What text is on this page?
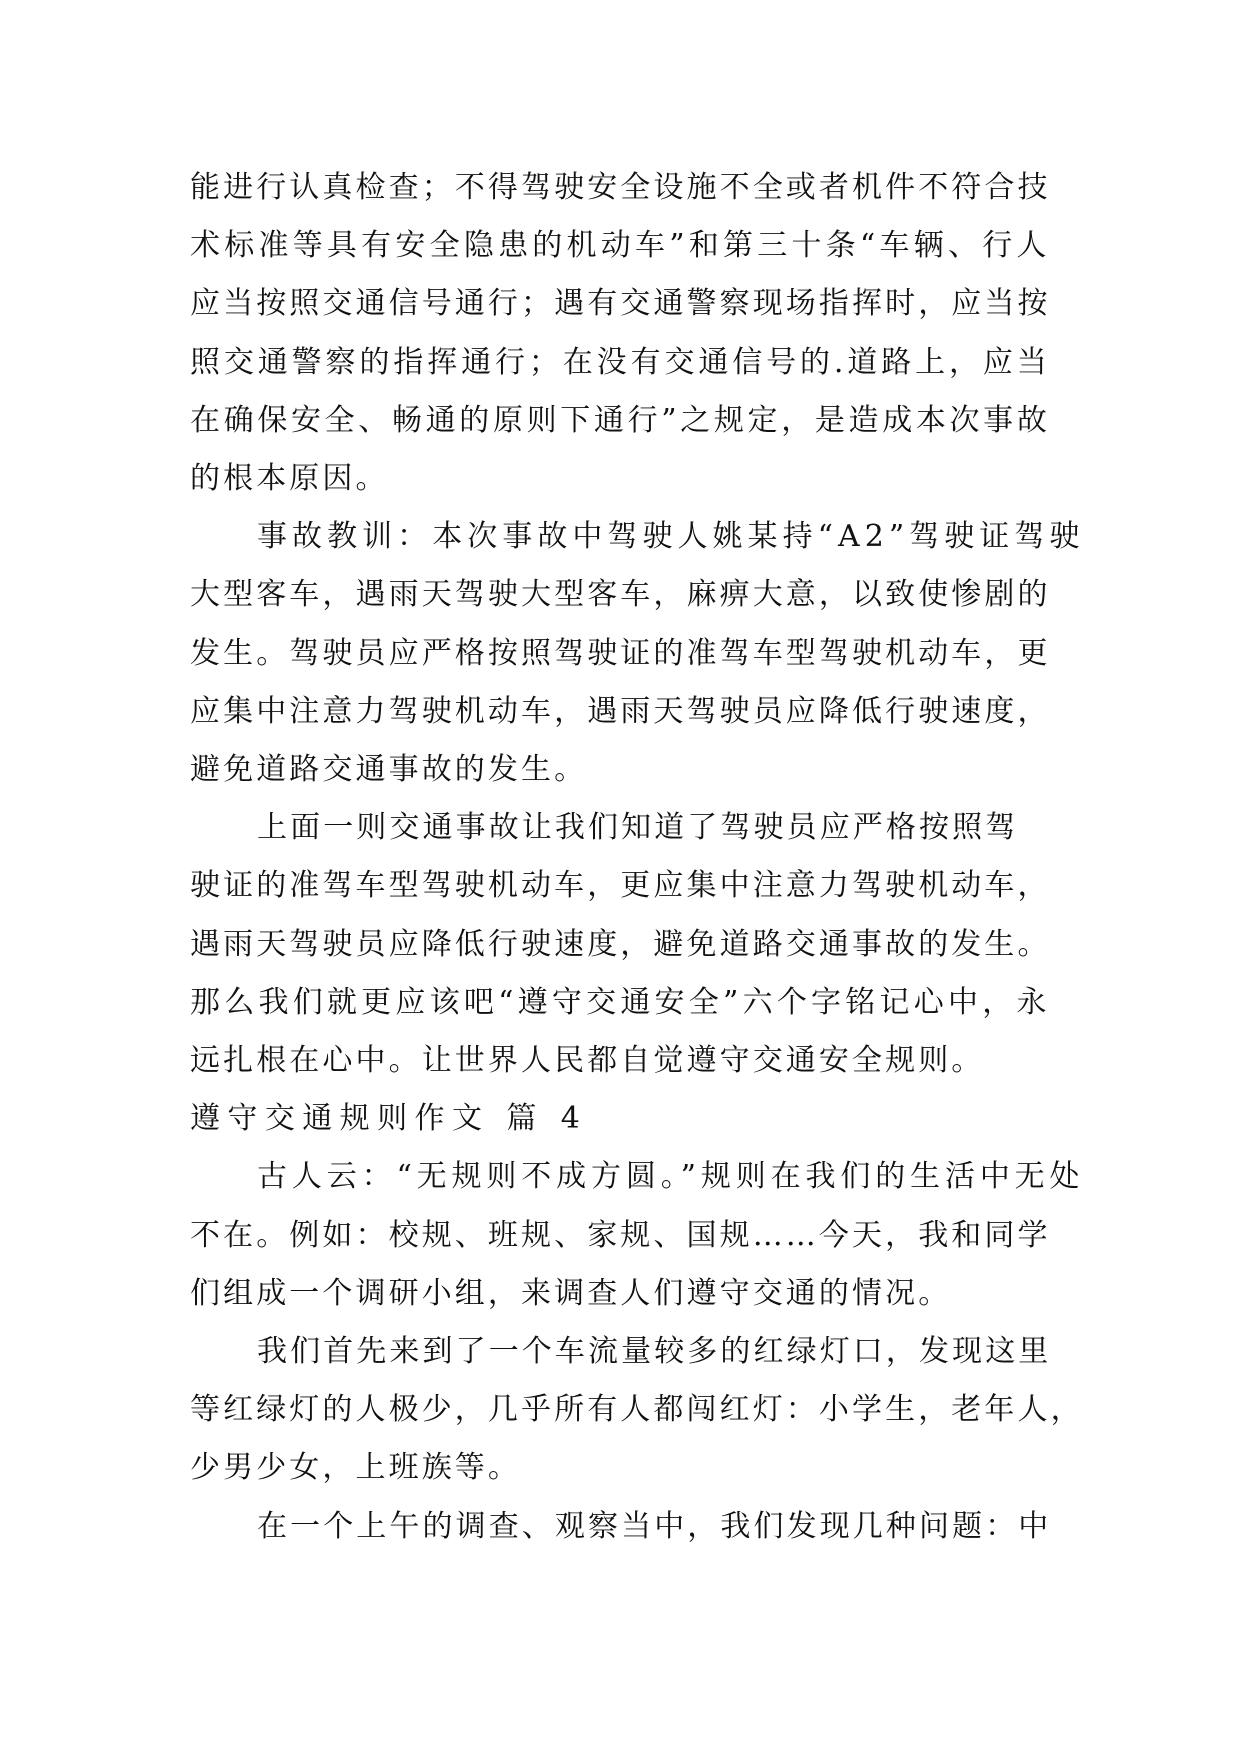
能进行认真检查；不得驾驶安全设施不全或者机件不符合技
术标准等具有安全隐患的机动车”和第三十条“车辆、行人
应当按照交通信号通行；遇有交通警察现场指挥时，应当按
照交通警察的指挥通行；在没有交通信号的.道路上，应当
在确保安全、畅通的原则下通行”之规定，是造成本次事故
的根本原因。
事故教训：本次事故中驾驶人姚某持“A2”驾驶证驾驶
大型客车，遇雨天驾驶大型客车，麻痹大意，以致使惨剧的
发生。驾驶员应严格按照驾驶证的准驾车型驾驶机动车，更
应集中注意力驾驶机动车，遇雨天驾驶员应降低行驶速度，
避免道路交通事故的发生。
上面一则交通事故让我们知道了驾驶员应严格按照驾
驶证的准驾车型驾驶机动车，更应集中注意力驾驶机动车，
遇雨天驾驶员应降低行驶速度，避免道路交通事故的发生。
那么我们就更应该吧“遵守交通安全”六个字铭记心中，永
远扎根在心中。让世界人民都自觉遵守交通安全规则。
遵守交通规则作文 篇 4
古人云：“无规则不成方圆。”规则在我们的生活中无处
不在。例如：校规、班规、家规、国规……今天，我和同学
们组成一个调研小组，来调查人们遵守交通的情况。
我们首先来到了一个车流量较多的红绿灯口，发现这里
等红绿灯的人极少，几乎所有人都闯红灯：小学生，老年人，
少男少女，上班族等。
在一个上午的调查、观察当中，我们发现几种问题：中
